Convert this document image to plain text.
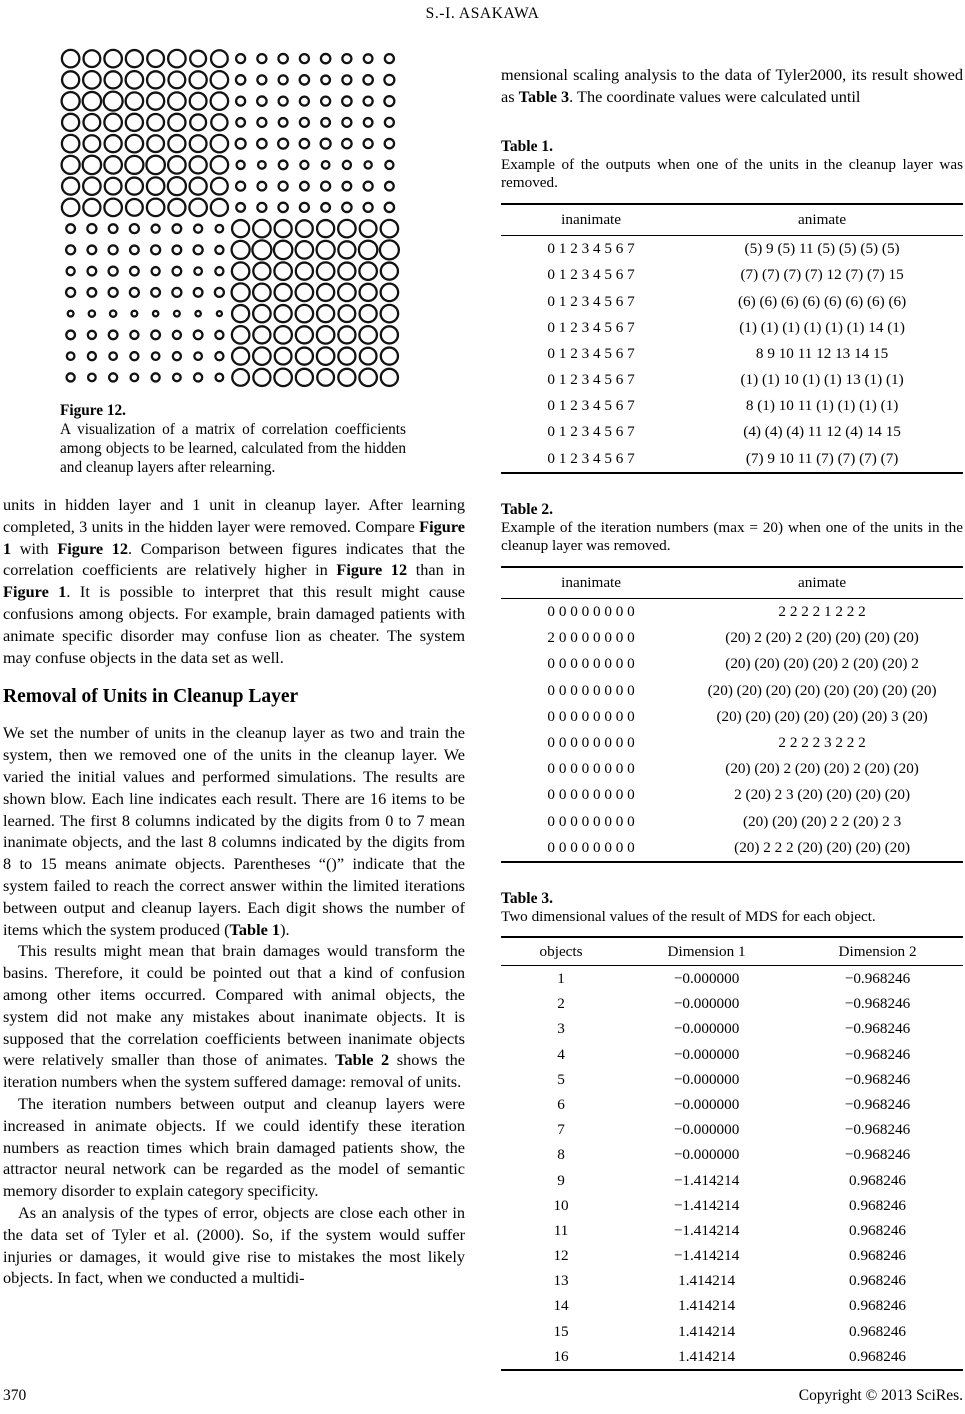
S.-I. ASAKAWA
Figure 12.
A visualization of a matrix of correlation coefficients among objects to be learned, calculated from the hidden and cleanup layers after relearning.

units in hidden layer and 1 unit in cleanup layer. After learning completed, 3 units in the hidden layer were removed. Compare Figure 1 with Figure 12. Comparison between figures indicates that the correlation coefficients are relatively higher in Figure 12 than in Figure 1. It is possible to interpret that this result might cause confusions among objects. For example, brain damaged patients with animate specific disorder may confuse lion as cheater. The system may confuse objects in the data set as well.

Removal of Units in Cleanup Layer

We set the number of units in the cleanup layer as two and train the system, then we removed one of the units in the cleanup layer. We varied the initial values and performed simulations. The results are shown blow. Each line indicates each result. There are 16 items to be learned. The first 8 columns indicated by the digits from 0 to 7 mean inanimate objects, and the last 8 columns indicated by the digits from 8 to 15 means animate objects. Parentheses “()” indicate that the system failed to reach the correct answer within the limited iterations between output and cleanup layers. Each digit shows the number of items which the system produced (Table 1).

This results might mean that brain damages would transform the basins. Therefore, it could be pointed out that a kind of confusion among other items occurred. Compared with animal objects, the system did not make any mistakes about inanimate objects. It is supposed that the correlation coefficients between inanimate objects were relatively smaller than those of animates. Table 2 shows the iteration numbers when the system suffered damage: removal of units.

The iteration numbers between output and cleanup layers were increased in animate objects. If we could identify these iteration numbers as reaction times which brain damaged patients show, the attractor neural network can be regarded as the model of semantic memory disorder to explain category specificity.

As an analysis of the types of error, objects are close each other in the data set of Tyler et al. (2000). So, if the system would suffer injuries or damages, it would give rise to mistakes the most likely objects. In fact, when we conducted a multidi-

mensional scaling analysis to the data of Tyler2000, its result showed as Table 3. The coordinate values were calculated until

Table 1.
Example of the outputs when one of the units in the cleanup layer was removed.
inanimate	animate
0 1 2 3 4 5 6 7	(5) 9 (5) 11 (5) (5) (5) (5)
0 1 2 3 4 5 6 7	(7) (7) (7) (7) 12 (7) (7) 15
0 1 2 3 4 5 6 7	(6) (6) (6) (6) (6) (6) (6) (6)
0 1 2 3 4 5 6 7	(1) (1) (1) (1) (1) (1) 14 (1)
0 1 2 3 4 5 6 7	8 9 10 11 12 13 14 15
0 1 2 3 4 5 6 7	(1) (1) 10 (1) (1) 13 (1) (1)
0 1 2 3 4 5 6 7	8 (1) 10 11 (1) (1) (1) (1)
0 1 2 3 4 5 6 7	(4) (4) (4) 11 12 (4) 14 15
0 1 2 3 4 5 6 7	(7) 9 10 11 (7) (7) (7) (7)
Table 2.
Example of the iteration numbers (max = 20) when one of the units in the cleanup layer was removed.
inanimate	animate
0 0 0 0 0 0 0 0	2 2 2 2 1 2 2 2
2 0 0 0 0 0 0 0	(20) 2 (20) 2 (20) (20) (20) (20)
0 0 0 0 0 0 0 0	(20) (20) (20) (20) 2 (20) (20) 2
0 0 0 0 0 0 0 0	(20) (20) (20) (20) (20) (20) (20) (20)
0 0 0 0 0 0 0 0	(20) (20) (20) (20) (20) (20) 3 (20)
0 0 0 0 0 0 0 0	2 2 2 2 3 2 2 2
0 0 0 0 0 0 0 0	(20) (20) 2 (20) (20) 2 (20) (20)
0 0 0 0 0 0 0 0	2 (20) 2 3 (20) (20) (20) (20)
0 0 0 0 0 0 0 0	(20) (20) (20) 2 2 (20) 2 3
0 0 0 0 0 0 0 0	(20) 2 2 2 (20) (20) (20) (20)
Table 3.
Two dimensional values of the result of MDS for each object.
objects	Dimension 1	Dimension 2
1	−0.000000	−0.968246
2	−0.000000	−0.968246
3	−0.000000	−0.968246
4	−0.000000	−0.968246
5	−0.000000	−0.968246
6	−0.000000	−0.968246
7	−0.000000	−0.968246
8	−0.000000	−0.968246
9	−1.414214	0.968246
10	−1.414214	0.968246
11	−1.414214	0.968246
12	−1.414214	0.968246
13	1.414214	0.968246
14	1.414214	0.968246
15	1.414214	0.968246
16	1.414214	0.968246
370	Copyright © 2013 SciRes.
